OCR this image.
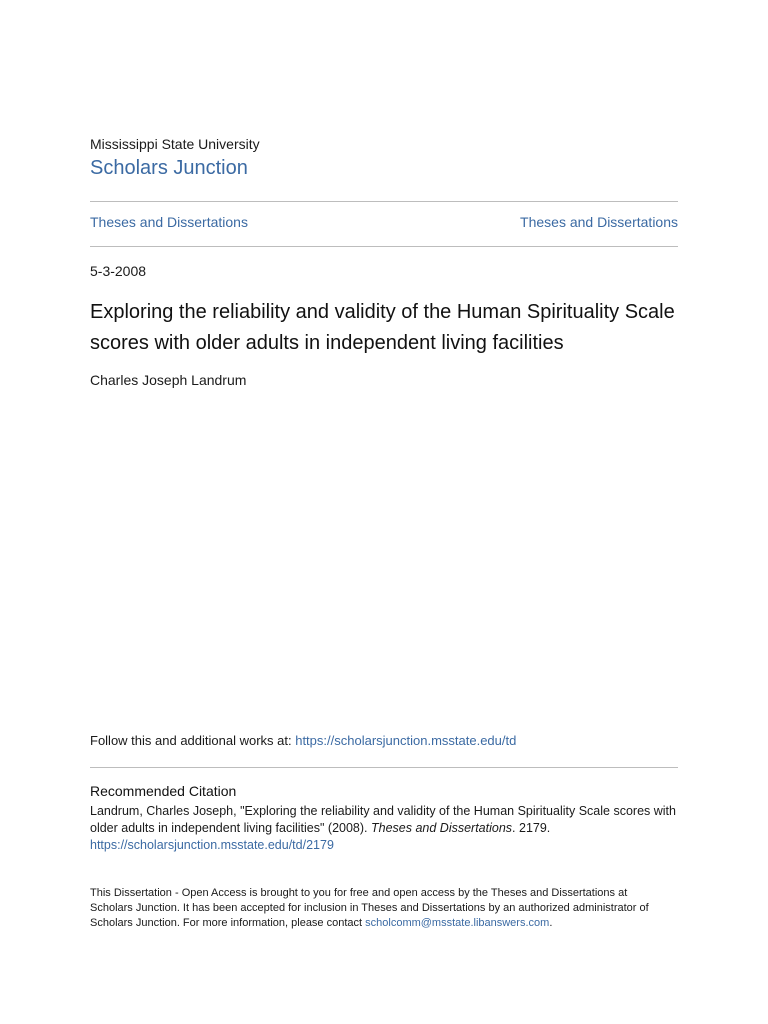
Mississippi State University
Scholars Junction
Theses and Dissertations	Theses and Dissertations
5-3-2008
Exploring the reliability and validity of the Human Spirituality Scale
scores with older adults in independent living facilities
Charles Joseph Landrum
Follow this and additional works at: https://scholarsjunction.msstate.edu/td
Recommended Citation
Landrum, Charles Joseph, "Exploring the reliability and validity of the Human Spirituality Scale scores with
older adults in independent living facilities" (2008). Theses and Dissertations. 2179.
https://scholarsjunction.msstate.edu/td/2179
This Dissertation - Open Access is brought to you for free and open access by the Theses and Dissertations at
Scholars Junction. It has been accepted for inclusion in Theses and Dissertations by an authorized administrator of
Scholars Junction. For more information, please contact scholcomm@msstate.libanswers.com.
